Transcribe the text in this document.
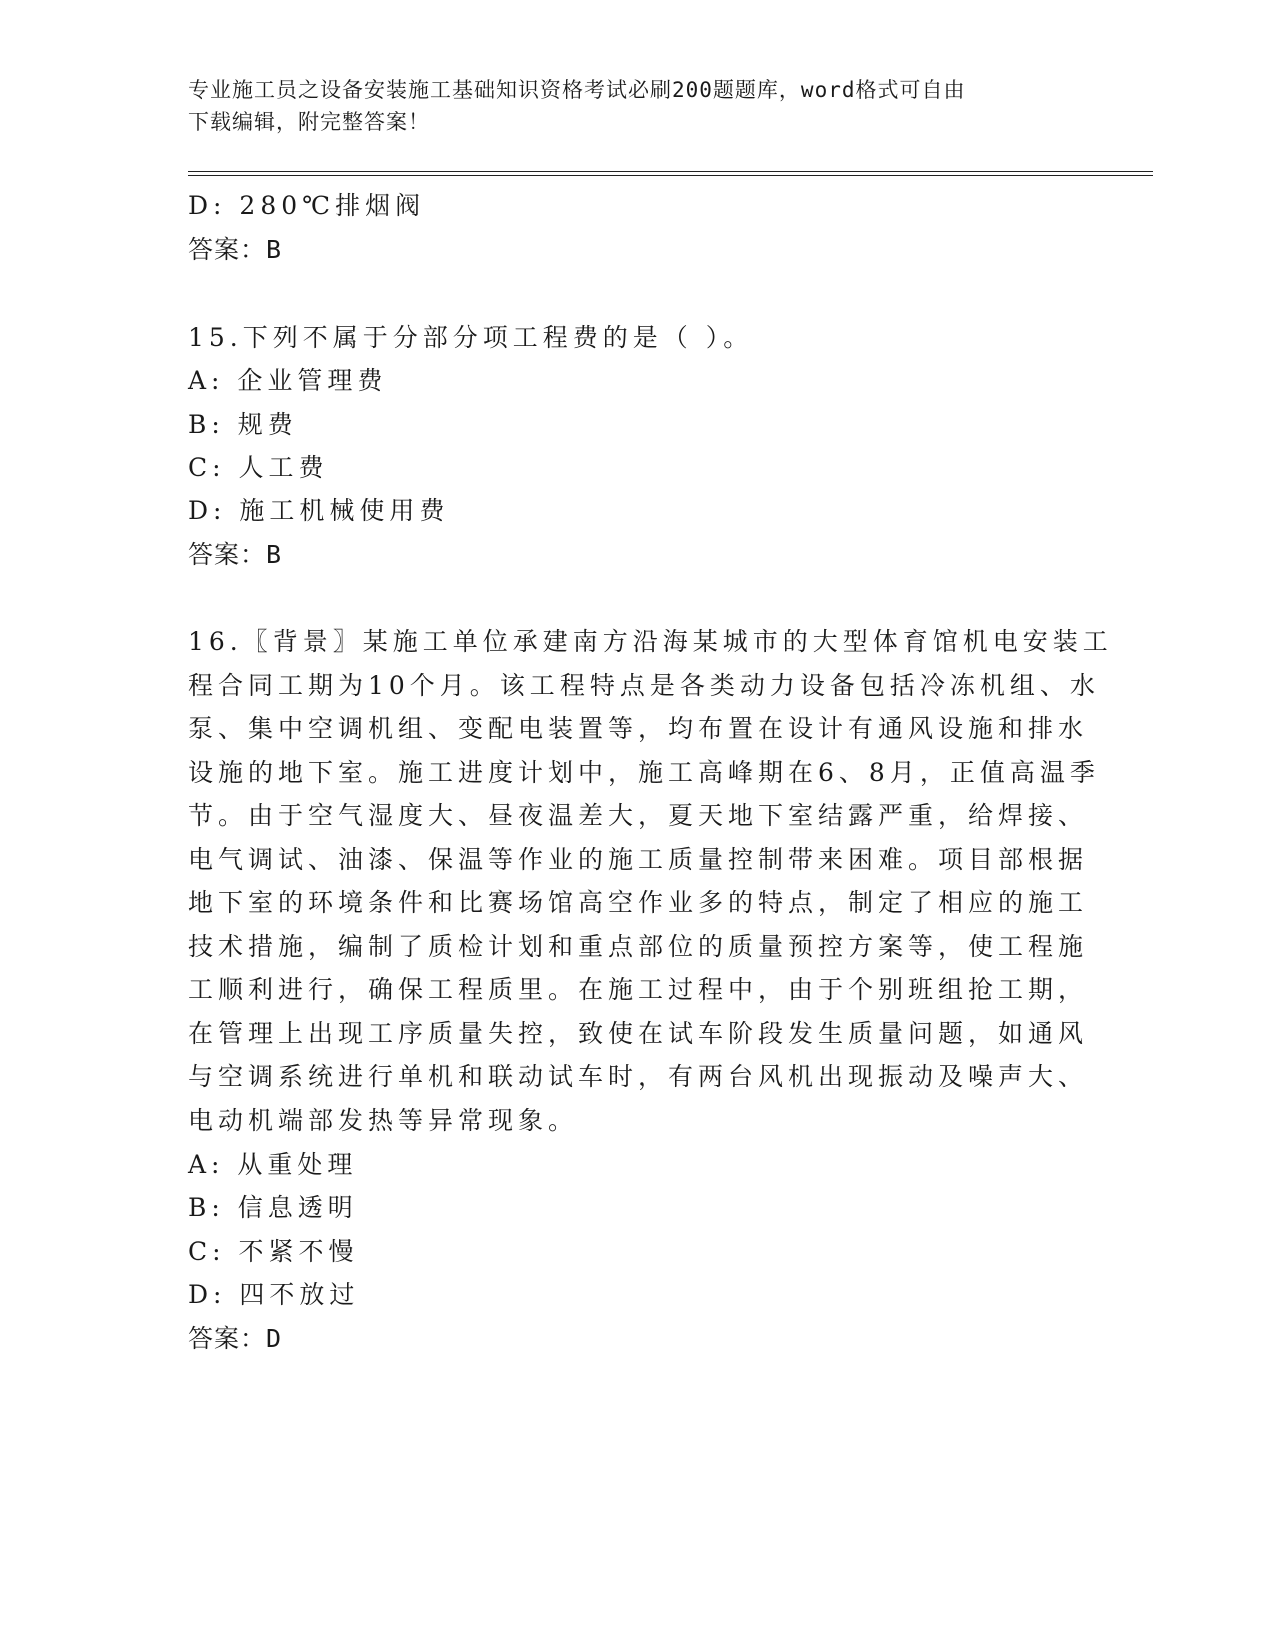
专业施工员之设备安装施工基础知识资格考试必刷200题题库，word格式可自由
下载编辑，附完整答案！
D: 280℃排烟阀
答案：B
15.下列不属于分部分项工程费的是（ ）。
A: 企业管理费
B: 规费
C: 人工费
D: 施工机械使用费
答案：B
16.〖背景〗某施工单位承建南方沿海某城市的大型体育馆机电安装工
程合同工期为10个月。该工程特点是各类动力设备包括冷冻机组、水
泵、集中空调机组、变配电装置等，均布置在设计有通风设施和排水
设施的地下室。施工进度计划中，施工高峰期在6、8月，正值高温季
节。由于空气湿度大、昼夜温差大，夏天地下室结露严重，给焊接、
电气调试、油漆、保温等作业的施工质量控制带来困难。项目部根据
地下室的环境条件和比赛场馆高空作业多的特点，制定了相应的施工
技术措施，编制了质检计划和重点部位的质量预控方案等，使工程施
工顺利进行，确保工程质里。在施工过程中，由于个别班组抢工期，
在管理上出现工序质量失控，致使在试车阶段发生质量问题，如通风
与空调系统进行单机和联动试车时，有两台风机出现振动及噪声大、
电动机端部发热等异常现象。
A: 从重处理
B: 信息透明
C: 不紧不慢
D: 四不放过
答案：D
